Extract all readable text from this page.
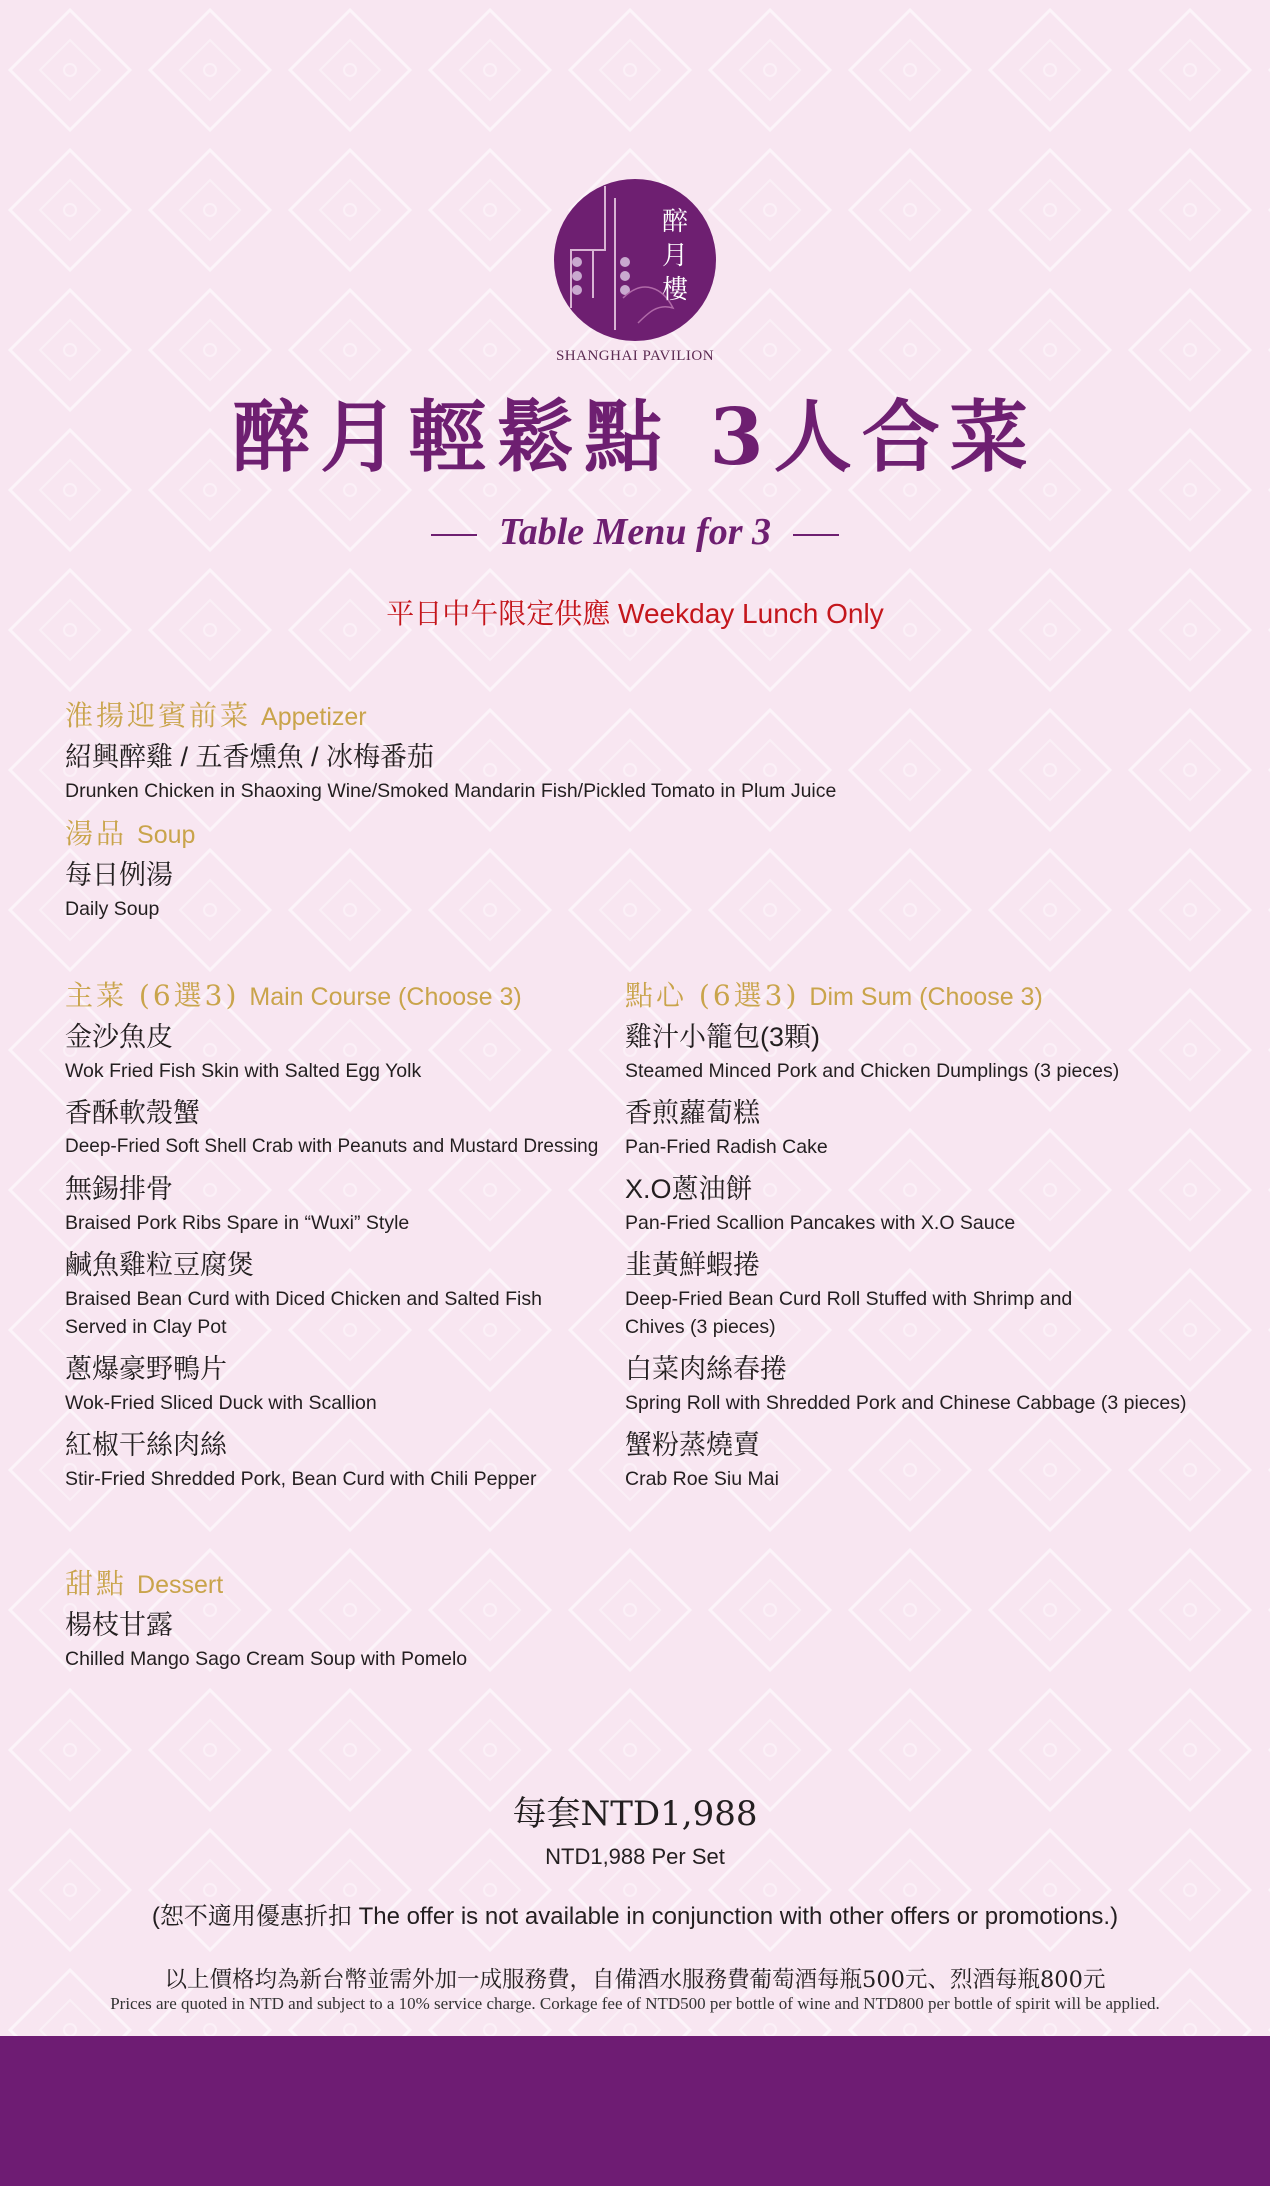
醉
月
樓
SHANGHAI PAVILION
醉月輕鬆點 3人合菜
Table Menu for 3
平日中午限定供應 Weekday Lunch Only
淮揚迎賓前菜 Appetizer
紹興醉雞 / 五香燻魚 / 冰梅番茄
Drunken Chicken in Shaoxing Wine/Smoked Mandarin Fish/Pickled Tomato in Plum Juice
湯品 Soup
每日例湯
Daily Soup
主菜 (6選3) Main Course (Choose 3)
金沙魚皮
Wok Fried Fish Skin with Salted Egg Yolk
香酥軟殼蟹
Deep-Fried Soft Shell Crab with Peanuts and Mustard Dressing
無錫排骨
Braised Pork Ribs Spare in “Wuxi” Style
鹹魚雞粒豆腐煲
Braised Bean Curd with Diced Chicken and Salted Fish Served in Clay Pot
蔥爆豪野鴨片
Wok-Fried Sliced Duck with Scallion
紅椒干絲肉絲
Stir-Fried Shredded Pork, Bean Curd with Chili Pepper
點心 (6選3) Dim Sum (Choose 3)
雞汁小籠包(3顆)
Steamed Minced Pork and Chicken Dumplings (3 pieces)
香煎蘿蔔糕
Pan-Fried Radish Cake
X.O蔥油餅
Pan-Fried Scallion Pancakes with X.O Sauce
韭黃鮮蝦捲
Deep-Fried Bean Curd Roll Stuffed with Shrimp and Chives (3 pieces)
白菜肉絲春捲
Spring Roll with Shredded Pork and Chinese Cabbage (3 pieces)
蟹粉蒸燒賣
Crab Roe Siu Mai
甜點 Dessert
楊枝甘露
Chilled Mango Sago Cream Soup with Pomelo
每套NTD1,988
NTD1,988 Per Set
(恕不適用優惠折扣 The offer is not available in conjunction with other offers or promotions.)
以上價格均為新台幣並需外加一成服務費，自備酒水服務費葡萄酒每瓶500元、烈酒每瓶800元
Prices are quoted in NTD and subject to a 10% service charge. Corkage fee of NTD500 per bottle of wine and NTD800 per bottle of spirit will be applied.
